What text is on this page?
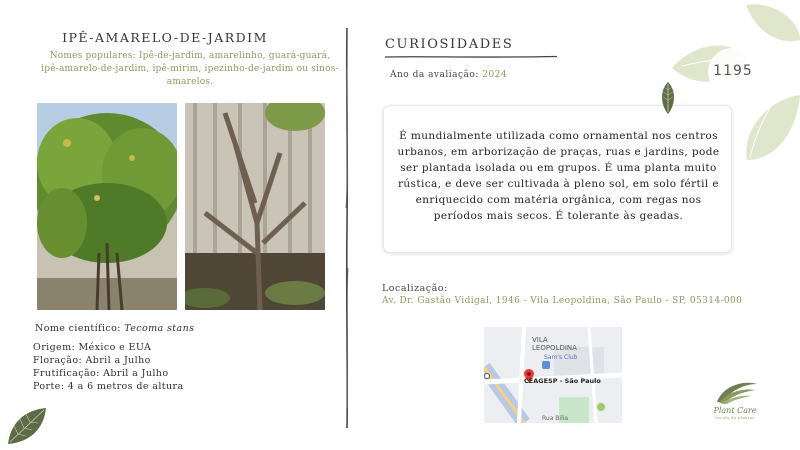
IPÊ-AMARELO-DE-JARDIM
Nomes populares: Ipê-de-jardim, amarelinho, guará-guará, ipê-amarelo-de-jardim, ipê-mirim, ipezinho-de-jardim ou sinos-amarelos.
Nome científico: Tecoma stans
Origem: México e EUA
Floração: Abril a Julho
Frutificação: Abril a Julho
Porte: 4 a 6 metros de altura
CURIOSIDADES
Ano da avaliação: 2024

É mundialmente utilizada como ornamental nos centros urbanos, em arborização de praças, ruas e jardins, pode ser plantada isolada ou em grupos. É uma planta muito rústica, e deve ser cultivada à pleno sol, em solo fértil e enriquecido com matéria orgânica, com regas nos períodos mais secos. É tolerante às geadas.

Localização:
Av. Dr. Gastão Vidigal, 1946 - Vila Leopoldina, São Paulo - SP, 05314-000
VILA
LEOPOLDINA
Sam's Club
CEAGESP - São Paulo
Rua Bilia
1195
Plant Care
escola de plantas
